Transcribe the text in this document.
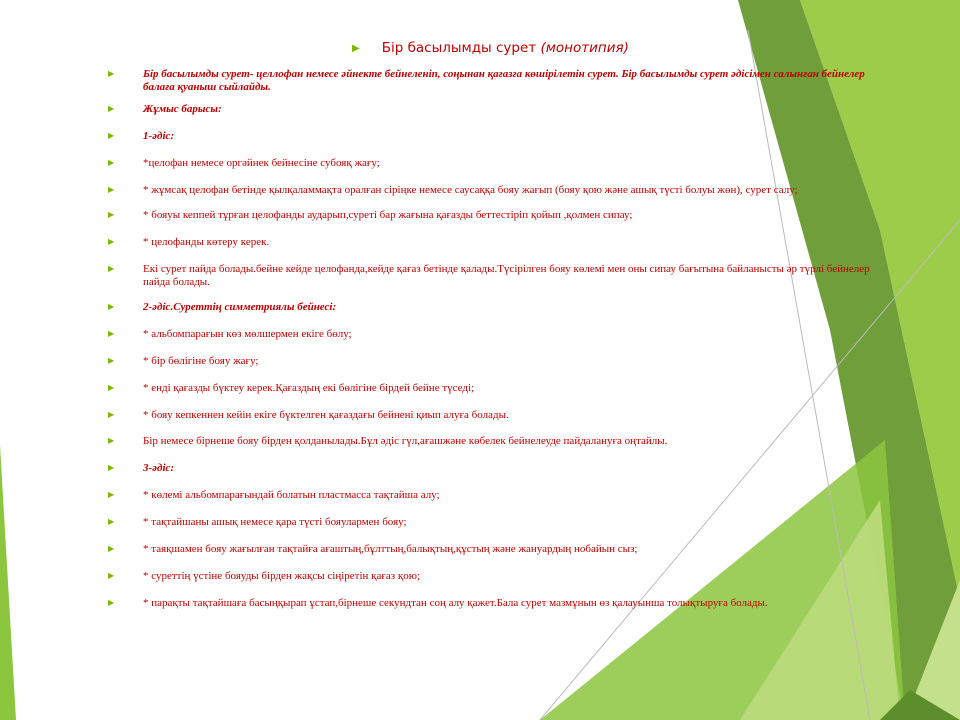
▶ Бір басылымды сурет (монотипия)
▶	Бір басылымды сурет- целлофан немесе әйнекте бейнеленіп, соңынан қағазға көшірілетін сурет. Бір басылымды сурет әдісімен салынған бейнелер балаға қуаныш сыйлайды.
▶	Жұмыс барысы:
▶	1-әдіс:
▶	*целофан немесе оргәйнек бейнесіне субояқ жағу;
▶	* жұмсақ целофан бетінде қылқаламмақта оралған сіріңке немесе саусаққа бояу жағып (бояу қою және ашық түсті болуы жөн), сурет салу;
▶	* бояуы кеппей тұрған целофанды аударып,суреті бар жағына қағазды беттестіріп қойып ,қолмен сипау;
▶	* целофанды көтеру керек.
▶	Екі сурет пайда болады.бейне кейде целофанда,кейде қағаз бетінде қалады.Түсірілген бояу көлемі мен оны сипау бағытына байланысты әр түрлі бейнелер пайда болады.
▶	2-әдіс.Суреттің симметриялы бейнесі:
▶	* альбомпарағын көз мөлшермен екіге бөлу;
▶	* бір бөлігіне бояу жағу;
▶	* енді қағазды бүктеу керек.Қағаздың екі бөлігіне бірдей бейне түседі;
▶	* бояу кепкеннен кейін екіге бүктелген қағаздағы бейнені қиып алуға болады.
▶	Бір немесе бірнеше бояу бірден қолданылады.Бұл әдіс гүл,ағашжәне көбелек бейнелеуде пайдалануға оңтайлы.
▶	3-әдіс:
▶	* көлемі альбомпарағындай болатын пластмасса тақтайша алу;
▶	* тақтайшаны ашық немесе қара түсті бояулармен бояу;
▶	* таяқшамен бояу жағылған тақтайға ағаштың,бұлттың,балықтың,құстың және жануардың нобайын сыз;
▶	* суреттің үстіне бояуды бірден жақсы сіңіретін қағаз қою;
▶	* парақты тақтайшаға басыңқырап ұстап,бірнеше секундтан соң алу қажет.Бала сурет мазмұнын өз қалауынша толықтыруға болады.
